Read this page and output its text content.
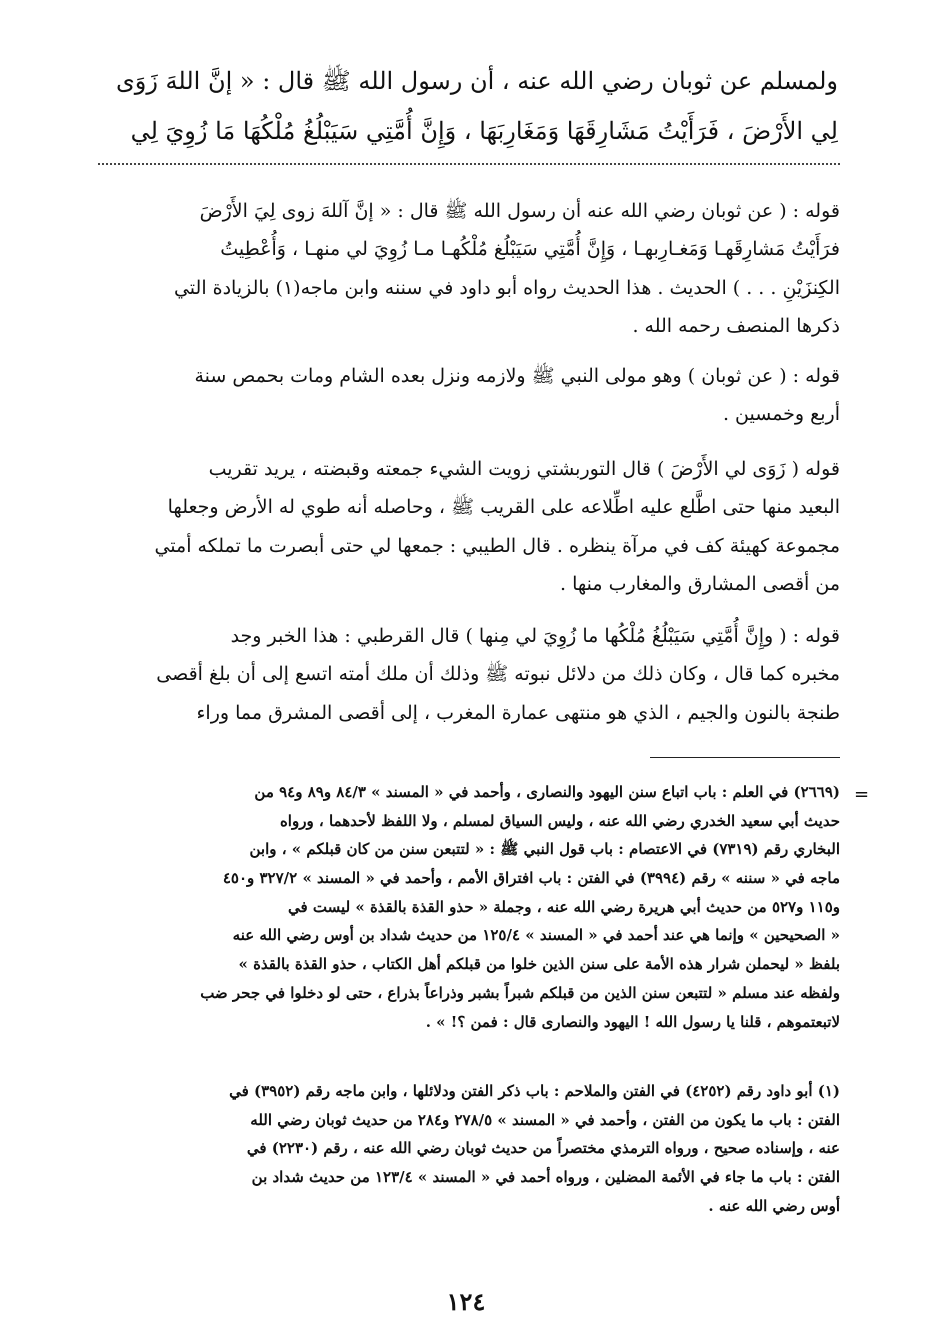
ولمسلم عن ثوبان رضي الله عنه ، أن رسول الله ﷺ قال : « إنَّ اللهَ زَوَى
لِي الأَرْضَ ، فَرَأَيْتُ مَشَارِقَهَا وَمَغَارِبَهَا ، وَإِنَّ أُمَّتِي سَيَبْلُغُ مُلْكُهَا مَا زُوِيَ لِي
قوله : ( عن ثوبان رضي الله عنه أن رسول الله ﷺ قال : « إنَّ آللهَ زوى لِيَ الأَرْضَ
فرَأَيْتُ مَشارِقَهـا وَمَغـارِبهـا ، وَإِنَّ أُمَّتِي سَيَبْلُغ مُلْكُهـا مـا زُوِيَ لي منهـا ، وَأُعْطِيتُ
الكِنزَيْنِ . . . ) الحديث . هذا الحديث رواه أبو داود في سننه وابن ماجه(١) بالزيادة التي
ذكرها المنصف رحمه الله .
قوله : ( عن ثوبان ) وهو مولى النبي ﷺ ولازمه ونزل بعده الشام ومات بحمص سنة
أربع وخمسين .
قوله ( زَوَى لي الأَرْضَ ) قال التوربشتي زويت الشيء جمعته وقبضته ، يريد تقريب
البعيد منها حتى اطَّلع عليه اطِّلاعه على القريب ﷺ ، وحاصله أنه طوي له الأرض وجعلها
مجموعة كهيئة كف في مرآة ينظره . قال الطيبي : جمعها لي حتى أبصرت ما تملكه أمتي
من أقصى المشارق والمغارب منها .
قوله : ( وإِنَّ أُمَّتِي سَيَبْلُغُ مُلْكُها ما زُوِيَ لي مِنها ) قال القرطبي : هذا الخبر وجد
مخبره كما قال ، وكان ذلك من دلائل نبوته ﷺ وذلك أن ملك أمته اتسع إلى أن بلغ أقصى
طنجة بالنون والجيم ، الذي هو منتهى عمارة المغرب ، إلى أقصى المشرق مما وراء
=
(٢٦٦٩) في العلم : باب اتباع سنن اليهود والنصارى ، وأحمد في « المسند » ٨٤/٣ و٨٩ و٩٤ من
حديث أبي سعيد الخدري رضي الله عنه ، وليس السياق لمسلم ، ولا اللفظ لأحدهما ، ورواه
البخاري رقم (٧٣١٩) في الاعتصام : باب قول النبي ﷺ : « لتتبعن سنن من كان قبلكم » ، وابن
ماجه في « سننه » رقم (٣٩٩٤) في الفتن : باب افتراق الأمم ، وأحمد في « المسند » ٣٢٧/٢ و٤٥٠
و١١٥ و٥٢٧ من حديث أبي هريرة رضي الله عنه ، وجملة « حذو القذة بالقذة » ليست في
« الصحيحين » وإنما هي عند أحمد في « المسند » ١٢٥/٤ من حديث شداد بن أوس رضي الله عنه
بلفظ « ليحملن شرار هذه الأمة على سنن الذين خلوا من قبلكم أهل الكتاب ، حذو القذة بالقذة »
ولفظه عند مسلم « لتتبعن سنن الذين من قبلكم شبراً بشبر وذراعاً بذراع ، حتى لو دخلوا في جحر ضب
لاتبعتموهم ، قلنا يا رسول الله ! اليهود والنصارى قال : فمن ؟! » .
(١) أبو داود رقم (٤٢٥٢) في الفتن والملاحم : باب ذكر الفتن ودلائلها ، وابن ماجه رقم (٣٩٥٢) في
الفتن : باب ما يكون من الفتن ، وأحمد في « المسند » ٢٧٨/٥ و٢٨٤ من حديث ثوبان رضي الله
عنه ، وإسناده صحيح ، ورواه الترمذي مختصراً من حديث ثوبان رضي الله عنه ، رقم (٢٢٣٠) في
الفتن : باب ما جاء في الأئمة المضلين ، ورواه أحمد في « المسند » ١٢٣/٤ من حديث شداد بن
أوس رضي الله عنه .
١٢٤
